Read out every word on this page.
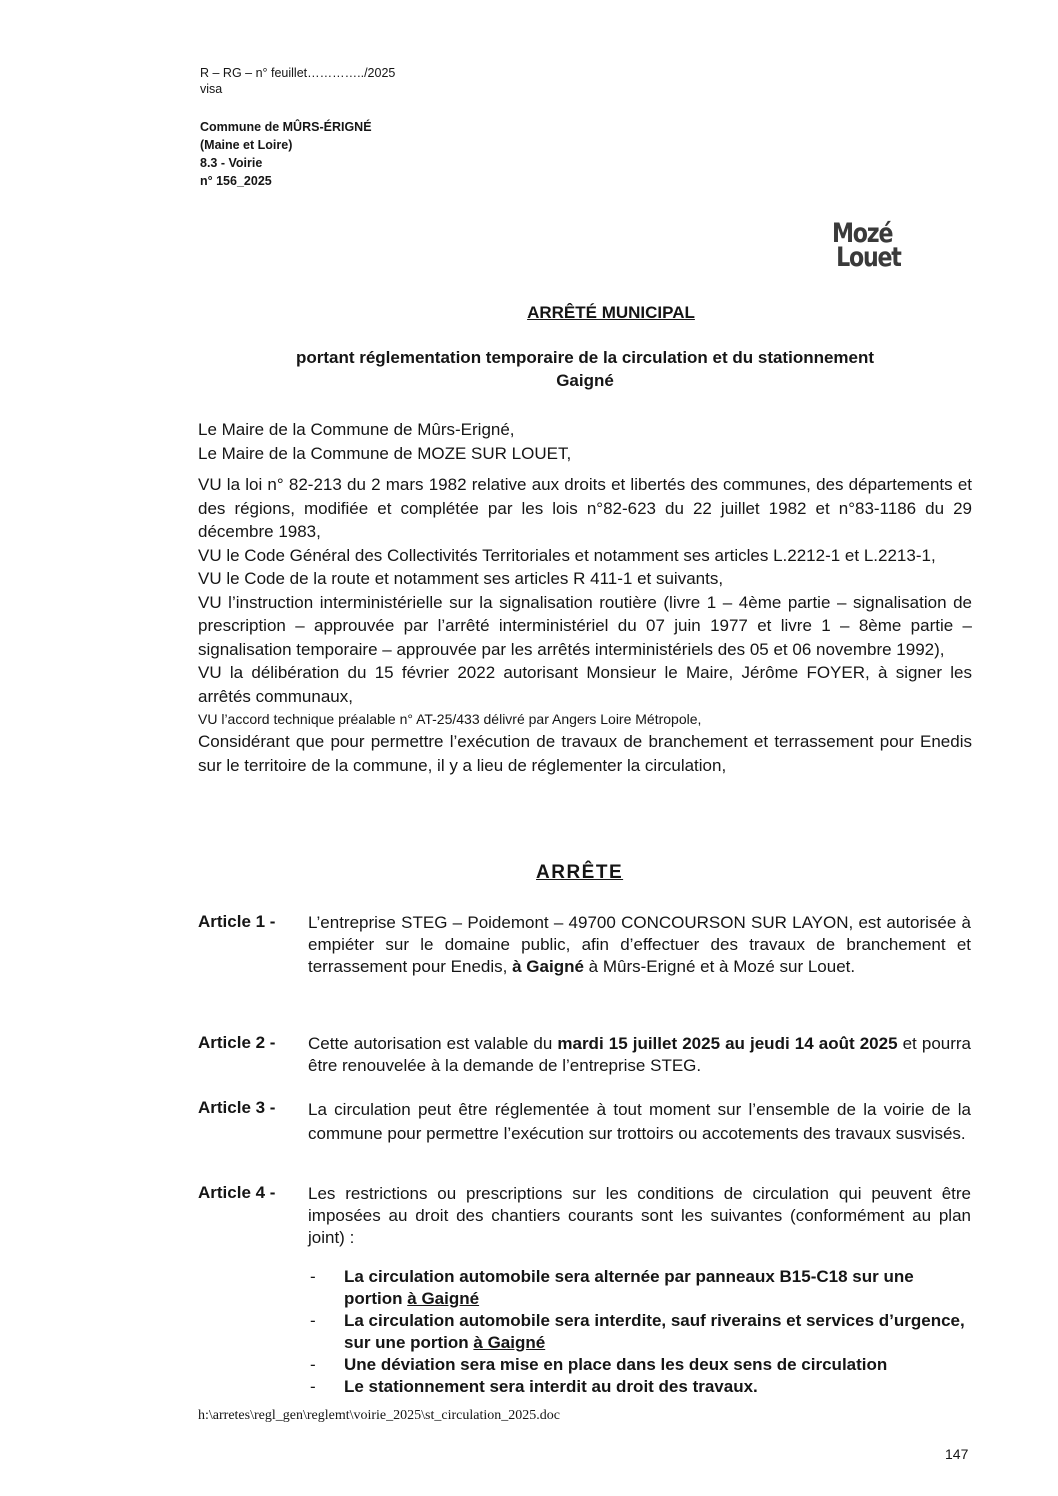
R – RG – n° feuillet…………../2025
visa
Commune de MÛRS-ÉRIGNÉ
(Maine et Loire)
8.3 - Voirie
n° 156_2025
Mozé
Louet
ARRÊTÉ MUNICIPAL
portant réglementation temporaire de la circulation et du stationnement
Gaigné

Le Maire de la Commune de Mûrs-Erigné,

Le Maire de la Commune de MOZE SUR LOUET,

VU la loi n° 82-213 du 2 mars 1982 relative aux droits et libertés des communes, des départements et des régions, modifiée et complétée par les lois n°82-623 du 22 juillet 1982 et n°83-1186 du 29 décembre 1983,

VU le Code Général des Collectivités Territoriales et notamment ses articles L.2212-1 et L.2213-1,

VU le Code de la route et notamment ses articles R 411-1 et suivants,

VU l’instruction interministérielle sur la signalisation routière (livre 1 – 4ème partie – signalisation de prescription – approuvée par l’arrêté interministériel du 07 juin 1977 et livre 1 – 8ème partie – signalisation temporaire – approuvée par les arrêtés interministériels des 05 et 06 novembre 1992),

VU la délibération du 15 février 2022 autorisant Monsieur le Maire, Jérôme FOYER, à signer les arrêtés communaux,

VU l’accord technique préalable n° AT-25/433 délivré par Angers Loire Métropole,

Considérant que pour permettre l’exécution de travaux de branchement et terrassement pour Enedis sur le territoire de la commune, il y a lieu de réglementer la circulation,

ARRÊTE
Article 1 -	L’entreprise STEG – Poidemont – 49700 CONCOURSON SUR LAYON, est autorisée à empiéter sur le domaine public, afin d’effectuer des travaux de branchement et terrassement pour Enedis, à Gaigné à Mûrs-Erigné et à Mozé sur Louet.
Article 2 -	Cette autorisation est valable du mardi 15 juillet 2025 au jeudi 14 août 2025 et pourra être renouvelée à la demande de l’entreprise STEG.
Article 3 -	La circulation peut être réglementée à tout moment sur l’ensemble de la voirie de la commune pour permettre l’exécution sur trottoirs ou accotements des travaux susvisés.
Article 4 -	Les restrictions ou prescriptions sur les conditions de circulation qui peuvent être imposées au droit des chantiers courants sont les suivantes (conformément au plan joint) :
- La circulation automobile sera alternée par panneaux B15-C18 sur une portion à Gaigné
- La circulation automobile sera interdite, sauf riverains et services d’urgence, sur une portion à Gaigné
- Une déviation sera mise en place dans les deux sens de circulation
- Le stationnement sera interdit au droit des travaux.
h:\arretes\regl_gen\reglemt\voirie_2025\st_circulation_2025.doc
147
